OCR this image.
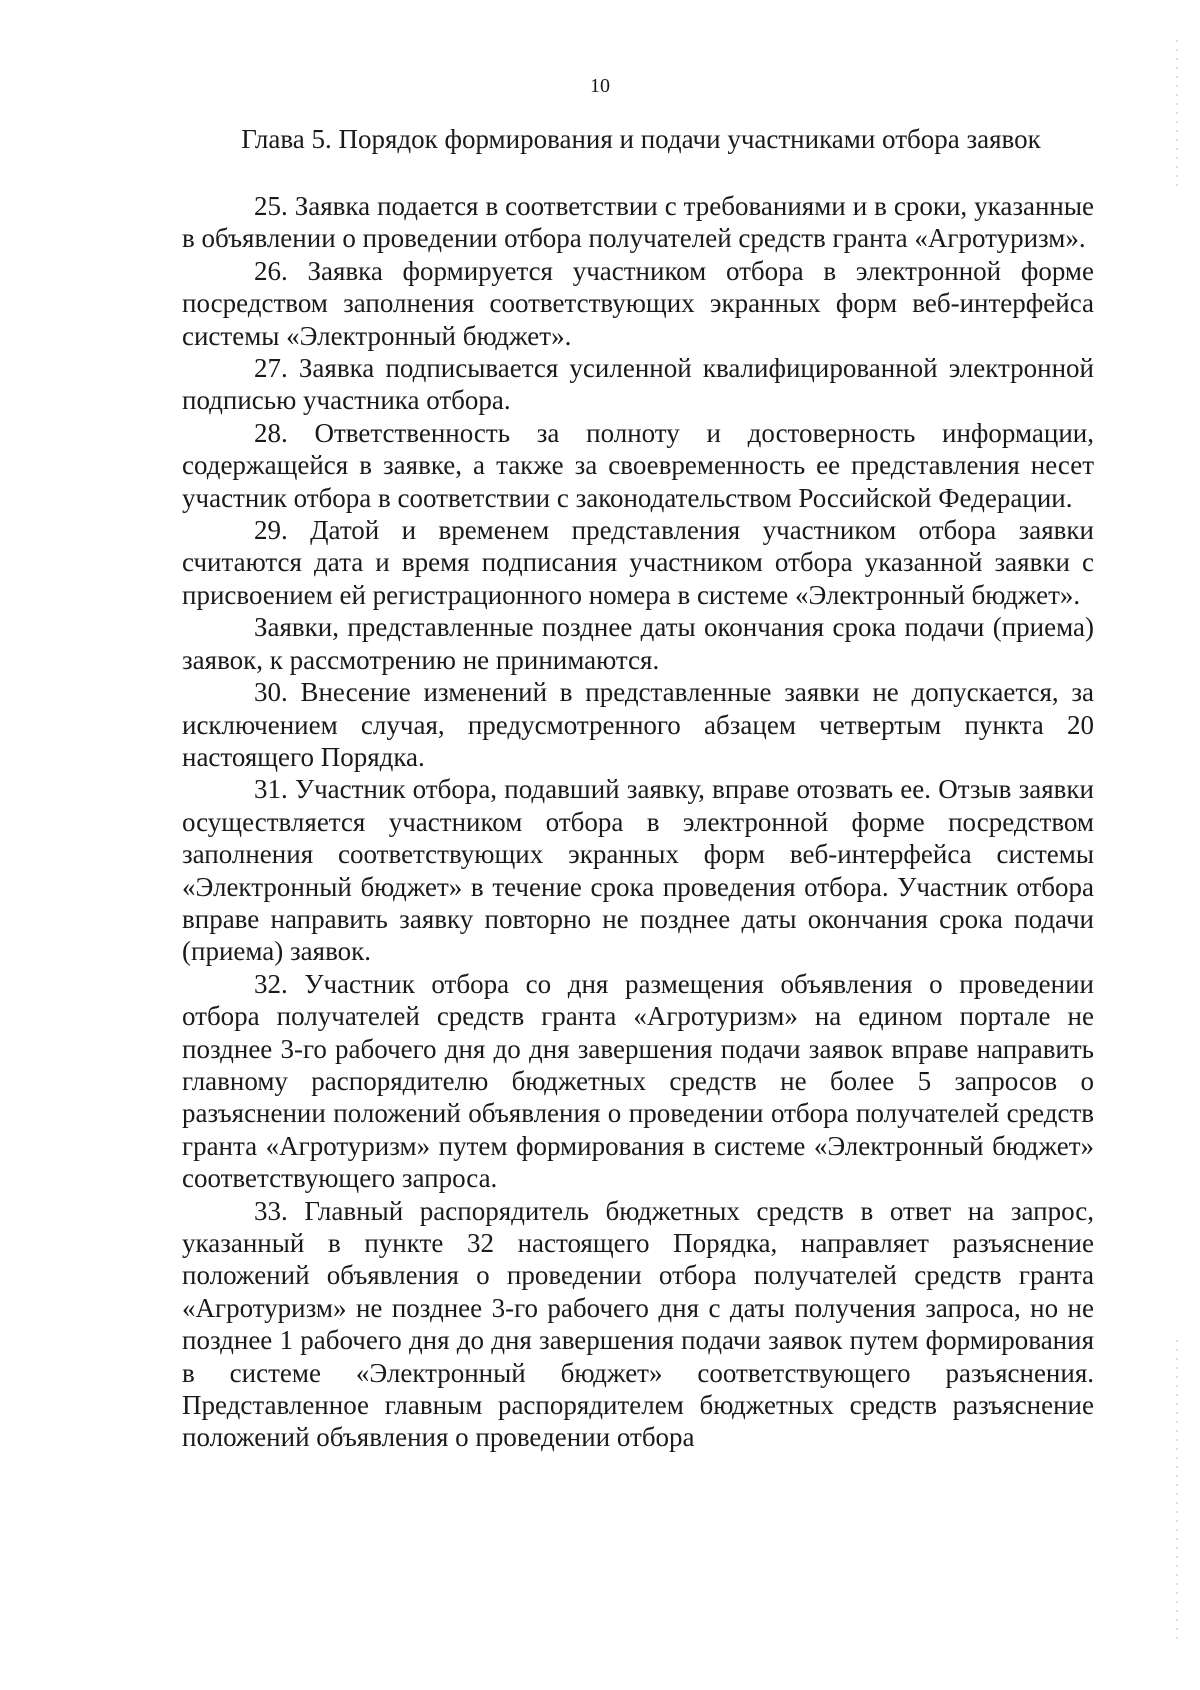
10
Глава 5. Порядок формирования и подачи участниками отбора заявок

25. Заявка подается в соответствии с требованиями и в сроки, указанные в объявлении о проведении отбора получателей средств гранта «Агротуризм».

26. Заявка формируется участником отбора в электронной форме посредством заполнения соответствующих экранных форм веб-интерфейса системы «Электронный бюджет».

27. Заявка подписывается усиленной квалифицированной электронной подписью участника отбора.

28. Ответственность за полноту и достоверность информации, содержащейся в заявке, а также за своевременность ее представления несет участник отбора в соответствии с законодательством Российской Федерации.

29. Датой и временем представления участником отбора заявки считаются дата и время подписания участником отбора указанной заявки с присвоением ей регистрационного номера в системе «Электронный бюджет».

Заявки, представленные позднее даты окончания срока подачи (приема) заявок, к рассмотрению не принимаются.

30. Внесение изменений в представленные заявки не допускается, за исключением случая, предусмотренного абзацем четвертым пункта 20 настоящего Порядка.

31. Участник отбора, подавший заявку, вправе отозвать ее. Отзыв заявки осуществляется участником отбора в электронной форме посредством заполнения соответствующих экранных форм веб-интерфейса системы «Электронный бюджет» в течение срока проведения отбора. Участник отбора вправе направить заявку повторно не позднее даты окончания срока подачи (приема) заявок.

32. Участник отбора со дня размещения объявления о проведении отбора получателей средств гранта «Агротуризм» на едином портале не позднее 3-го рабочего дня до дня завершения подачи заявок вправе направить главному распорядителю бюджетных средств не более 5 запросов о разъяснении положений объявления о проведении отбора получателей средств гранта «Агротуризм» путем формирования в системе «Электронный бюджет» соответствующего запроса.

33. Главный распорядитель бюджетных средств в ответ на запрос, указанный в пункте 32 настоящего Порядка, направляет разъяснение положений объявления о проведении отбора получателей средств гранта «Агротуризм» не позднее 3-го рабочего дня с даты получения запроса, но не позднее 1 рабочего дня до дня завершения подачи заявок путем формирования в системе «Электронный бюджет» соответствующего разъяснения. Представленное главным распорядителем бюджетных средств разъяснение положений объявления о проведении отбора
